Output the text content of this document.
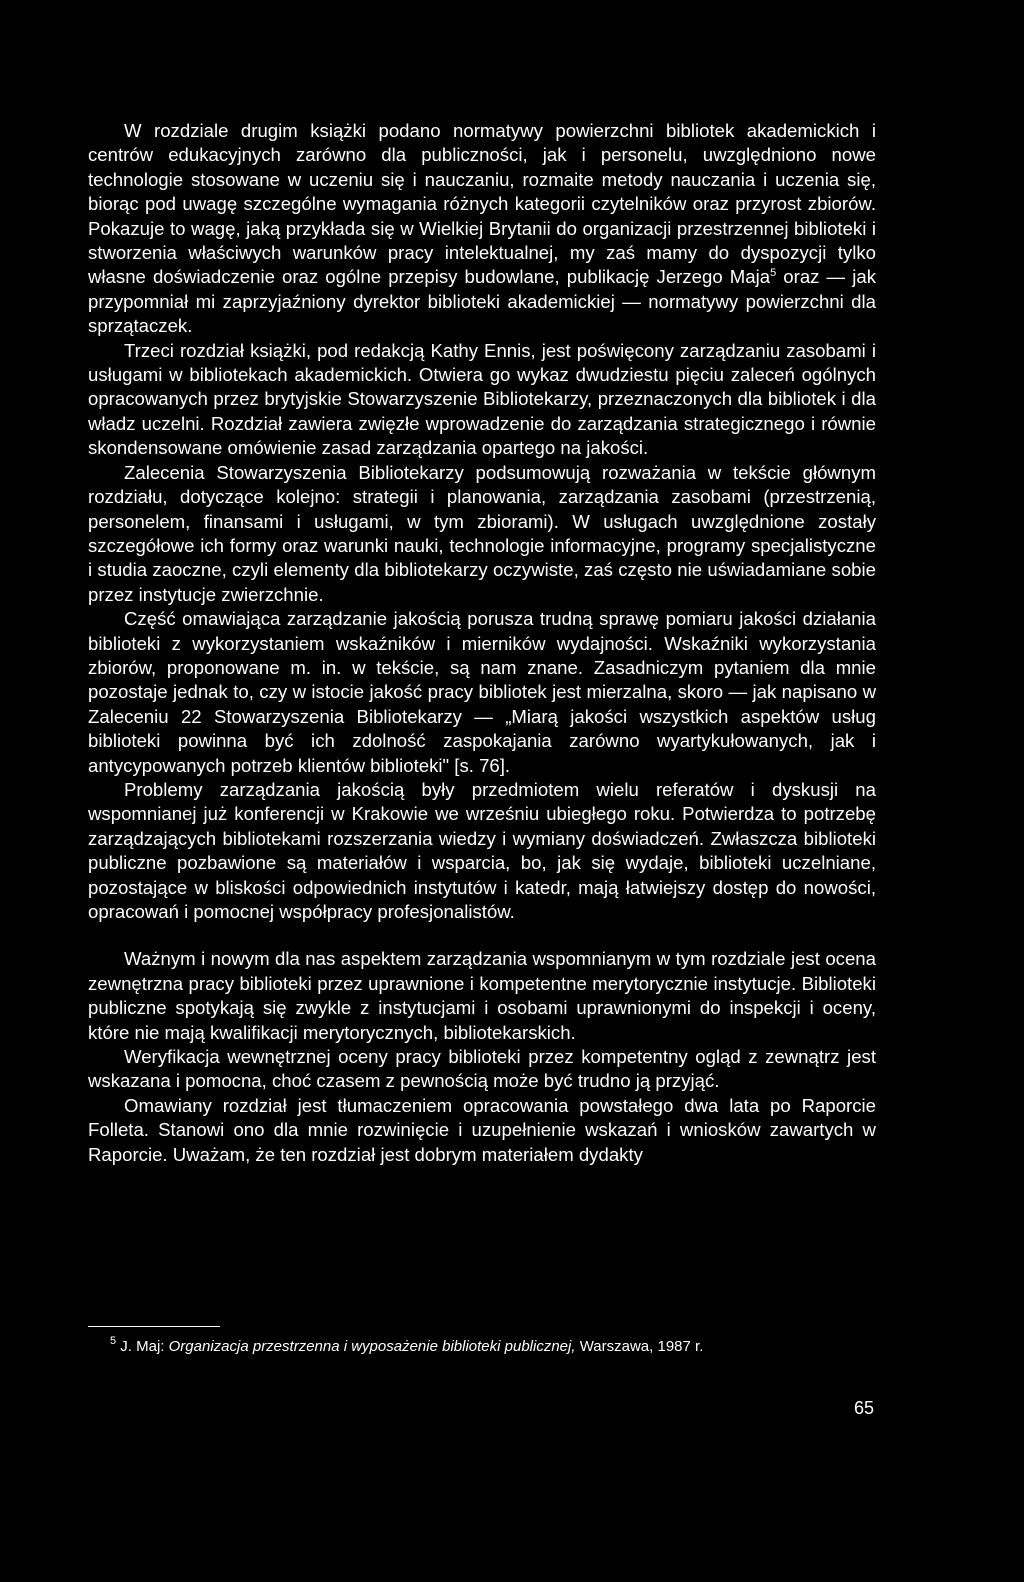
W rozdziale drugim książki podano normatywy powierzchni bibliotek akademickich i centrów edukacyjnych zarówno dla publiczności, jak i personelu, uwzględniono nowe technologie stosowane w uczeniu się i nauczaniu, rozmaite metody nauczania i uczenia się, biorąc pod uwagę szczególne wymagania różnych kategorii czytelników oraz przyrost zbiorów. Pokazuje to wagę, jaką przykłada się w Wielkiej Brytanii do organizacji przestrzennej biblioteki i stworzenia właściwych warunków pracy intelektualnej, my zaś mamy do dyspozycji tylko własne doświadczenie oraz ogólne przepisy budowlane, publikację Jerzego Maja$^5$ oraz — jak przypomniał mi zaprzyjaźniony dyrektor biblioteki akademickiej — normatywy powierzchni dla sprzątaczek.

Trzeci rozdział książki, pod redakcją Kathy Ennis, jest poświęcony zarządzaniu zasobami i usługami w bibliotekach akademickich. Otwiera go wykaz dwudziestu pięciu zaleceń ogólnych opracowanych przez brytyjskie Stowarzyszenie Bibliotekarzy, przeznaczonych dla bibliotek i dla władz uczelni. Rozdział zawiera zwięzłe wprowadzenie do zarządzania strategicznego i równie skondensowane omówienie zasad zarządzania opartego na jakości.

Zalecenia Stowarzyszenia Bibliotekarzy podsumowują rozważania w tekście głównym rozdziału, dotyczące kolejno: strategii i planowania, zarządzania zasobami (przestrzenią, personelem, finansami i usługami, w tym zbiorami). W usługach uwzględnione zostały szczegółowe ich formy oraz warunki nauki, technologie informacyjne, programy specjalistyczne i studia zaoczne, czyli elementy dla bibliotekarzy oczywiste, zaś często nie uświadamiane sobie przez instytucje zwierzchnie.

Część omawiająca zarządzanie jakością porusza trudną sprawę pomiaru jakości działania biblioteki z wykorzystaniem wskaźników i mierników wydajności. Wskaźniki wykorzystania zbiorów, proponowane m. in. w tekście, są nam znane. Zasadniczym pytaniem dla mnie pozostaje jednak to, czy w istocie jakość pracy bibliotek jest mierzalna, skoro — jak napisano w Zaleceniu 22 Stowarzyszenia Bibliotekarzy — „Miarą jakości wszystkich aspektów usług biblioteki powinna być ich zdolność zaspokajania zarówno wyartykułowanych, jak i antycypowanych potrzeb klientów biblioteki" [s. 76].

Problemy zarządzania jakością były przedmiotem wielu referatów i dyskusji na wspomnianej już konferencji w Krakowie we wrześniu ubiegłego roku. Potwierdza to potrzebę zarządzających bibliotekami rozszerzania wiedzy i wymiany doświadczeń. Zwłaszcza biblioteki publiczne pozbawione są materiałów i wsparcia, bo, jak się wydaje, biblioteki uczelniane, pozostające w bliskości odpowiednich instytutów i katedr, mają łatwiejszy dostęp do nowości, opracowań i pomocnej współpracy profesjonalistów.

Ważnym i nowym dla nas aspektem zarządzania wspomnianym w tym rozdziale jest ocena zewnętrzna pracy biblioteki przez uprawnione i kompetentne merytorycznie instytucje. Biblioteki publiczne spotykają się zwykle z instytucjami i osobami uprawnionymi do inspekcji i oceny, które nie mają kwalifikacji merytorycznych, bibliotekarskich.

Weryfikacja wewnętrznej oceny pracy biblioteki przez kompetentny ogląd z zewnątrz jest wskazana i pomocna, choć czasem z pewnością może być trudno ją przyjąć.

Omawiany rozdział jest tłumaczeniem opracowania powstałego dwa lata po Raporcie Folleta. Stanowi ono dla mnie rozwinięcie i uzupełnienie wskazań i wniosków zawartych w Raporcie. Uważam, że ten rozdział jest dobrym materiałem dydakty

$^5$ J. Maj: Organizacja przestrzenna i wyposażenie biblioteki publicznej, Warszawa, 1987 r.
65
